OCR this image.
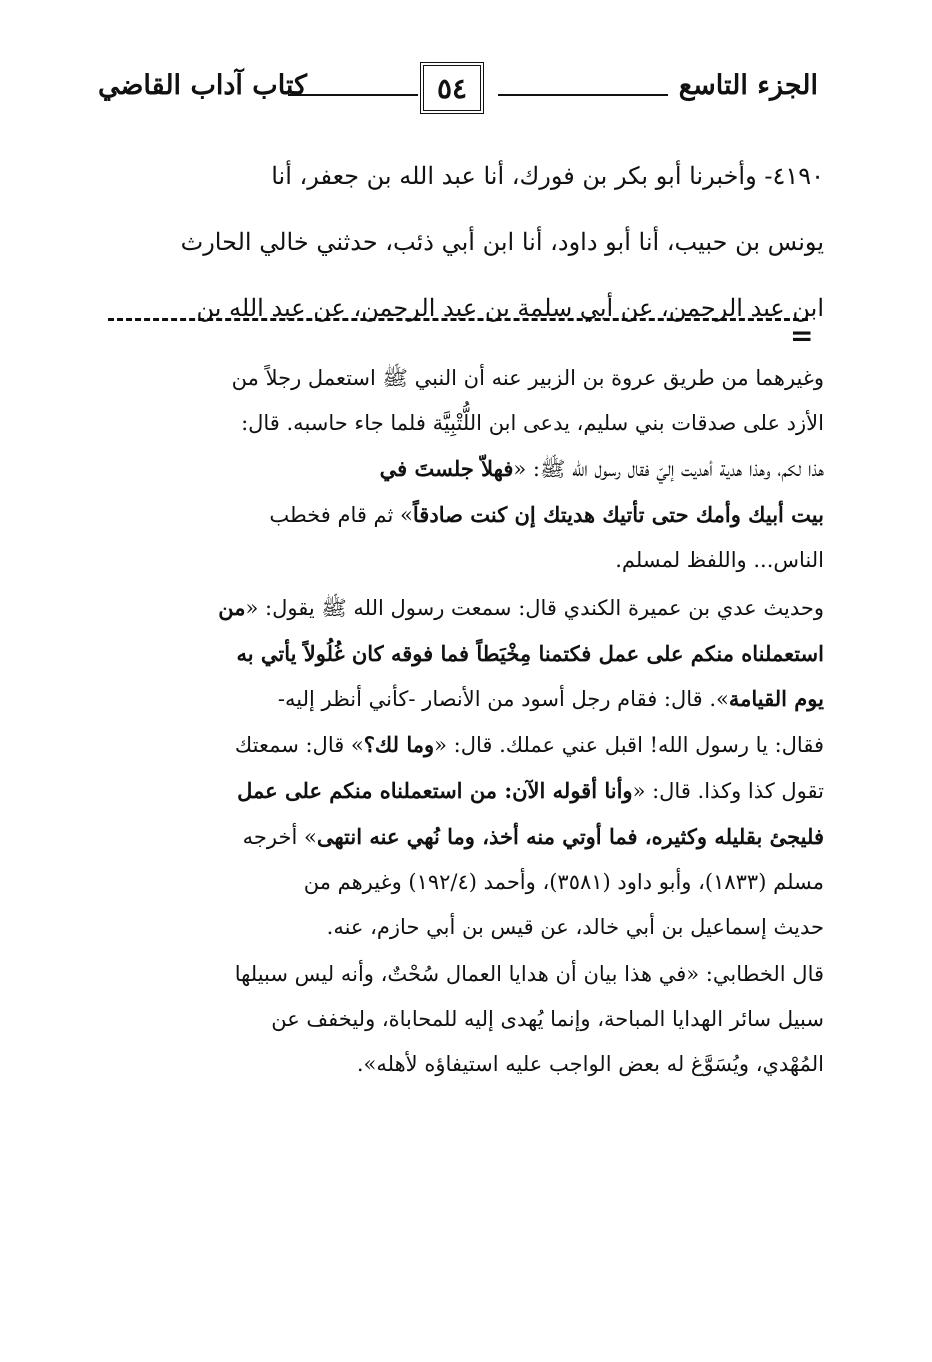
الجزء التاسع
٥٤
كتاب آداب القاضي
٤١٩٠- وأخبرنا أبو بكر بن فورك، أنا عبد الله بن جعفر، أنا
يونس بن حبيب، أنا أبو داود، أنا ابن أبي ذئب، حدثني خالي الحارث
ابن عبد الرحمن، عن أبي سلمة بن عبد الرحمن، عن عبد الله بن
=

وغيرهما من طريق عروة بن الزبير عنه أن النبي ﷺ استعمل رجلاً من
الأزد على صدقات بني سليم، يدعى ابن اللُّتْبِيَّة فلما جاء حاسبه. قال:
هذا لكم، وهذا هدية أهديت إليّ فقال رسول الله ﷺ: «فهلاّ جلستَ في
بيت أبيك وأمك حتى تأتيك هديتك إن كنت صادقاً» ثم قام فخطب
الناس... واللفظ لمسلم.

وحديث عدي بن عميرة الكندي قال: سمعت رسول الله ﷺ يقول: «من
استعملناه منكم على عمل فكتمنا مِخْيَطاً فما فوقه كان غُلُولاً يأتي به
يوم القيامة». قال: فقام رجل أسود من الأنصار -كأني أنظر إليه-
فقال: يا رسول الله! اقبل عني عملك. قال: «وما لك؟» قال: سمعتك
تقول كذا وكذا. قال: «وأنا أقوله الآن: من استعملناه منكم على عمل
فليجئ بقليله وكثيره، فما أوتي منه أخذ، وما نُهي عنه انتهى» أخرجه
مسلم (١٨٣٣)، وأبو داود (٣٥٨١)، وأحمد (١٩٢/٤) وغيرهم من
حديث إسماعيل بن أبي خالد، عن قيس بن أبي حازم، عنه.

قال الخطابي: «في هذا بيان أن هدايا العمال سُحْتٌ، وأنه ليس سبيلها
سبيل سائر الهدايا المباحة، وإنما يُهدى إليه للمحاباة، وليخفف عن
المُهْدي، ويُسَوَّغ له بعض الواجب عليه استيفاؤه لأهله».
